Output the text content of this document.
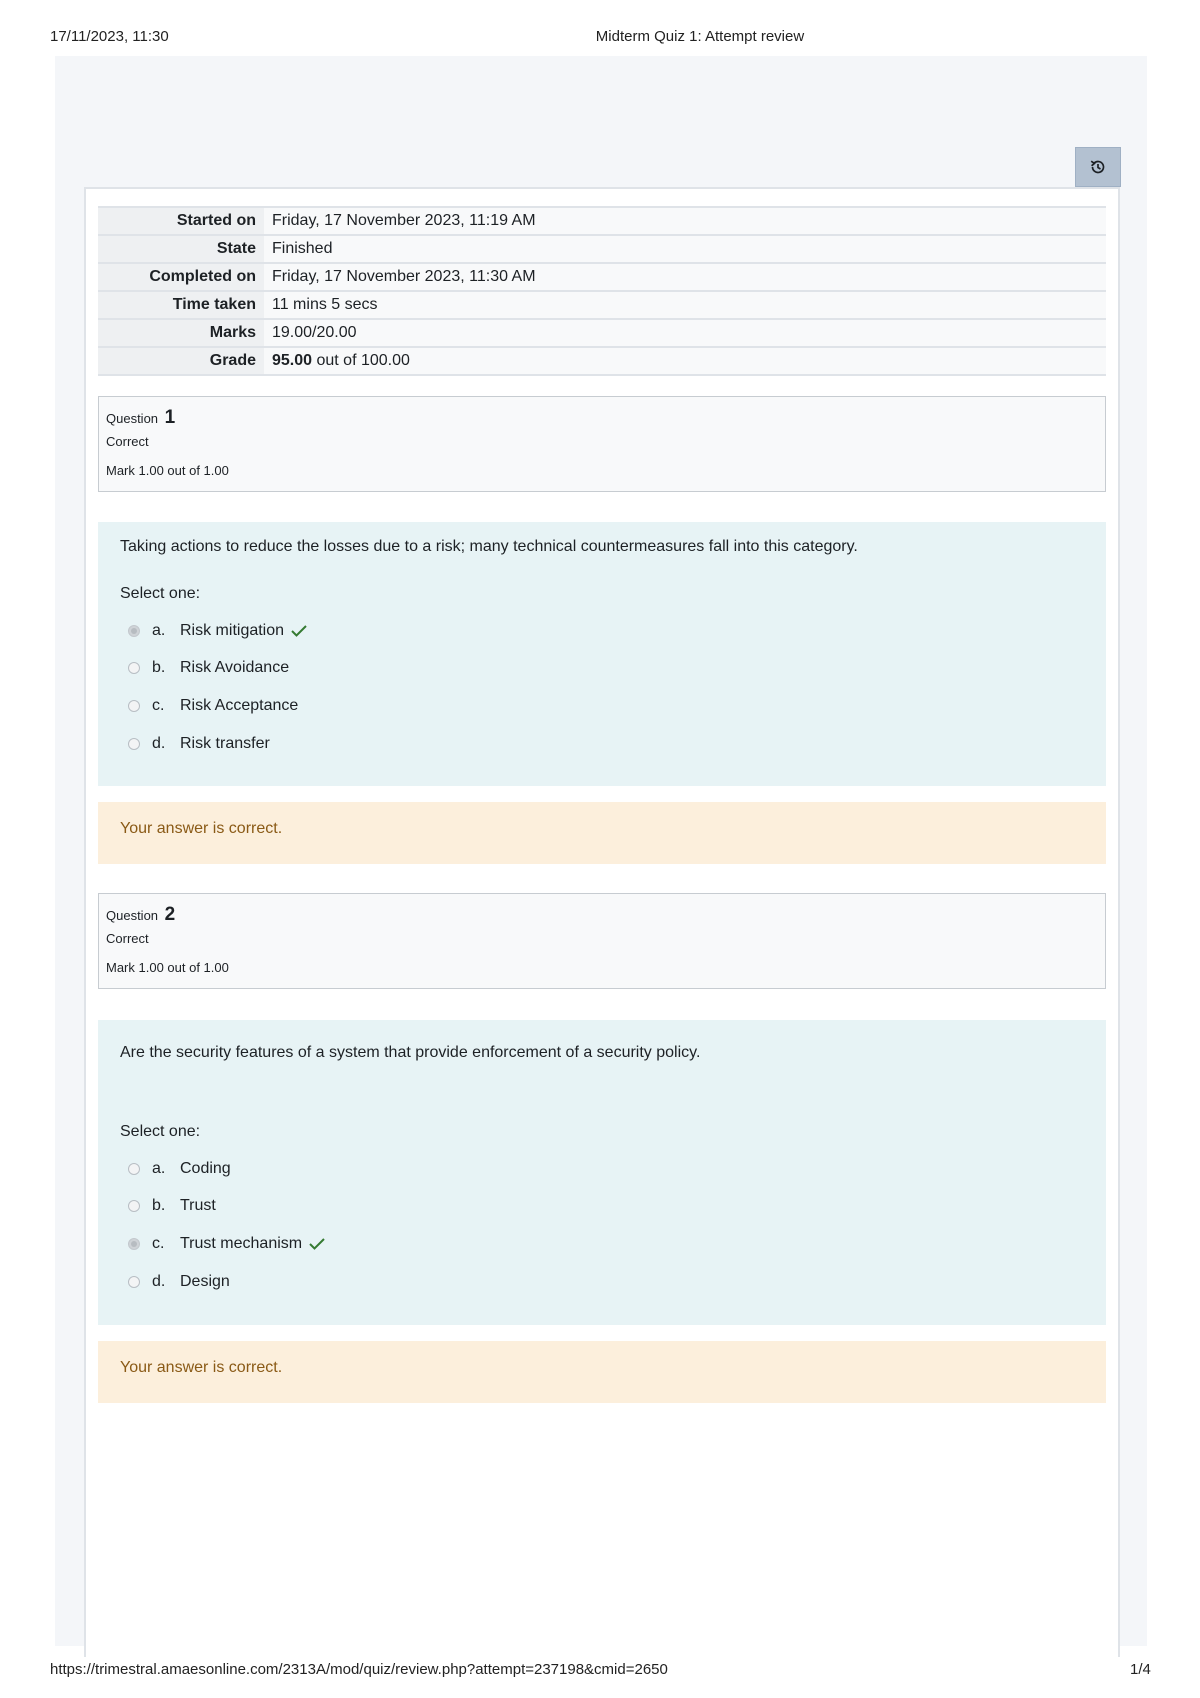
17/11/2023, 11:30	Midterm Quiz 1: Attempt review
Started on	Friday, 17 November 2023, 11:19 AM
State	Finished
Completed on	Friday, 17 November 2023, 11:30 AM
Time taken	11 mins 5 secs
Marks	19.00/20.00
Grade	95.00 out of 100.00
Question 1
Correct
Mark 1.00 out of 1.00
Taking actions to reduce the losses due to a risk; many technical countermeasures fall into this category.
Select one:
a. Risk mitigation
b. Risk Avoidance
c. Risk Acceptance
d. Risk transfer
Your answer is correct.
Question 2
Correct
Mark 1.00 out of 1.00
Are the security features of a system that provide enforcement of a security policy.
Select one:
a. Coding
b. Trust
c. Trust mechanism
d. Design
Your answer is correct.
https://trimestral.amaesonline.com/2313A/mod/quiz/review.php?attempt=237198&cmid=2650	1/4
